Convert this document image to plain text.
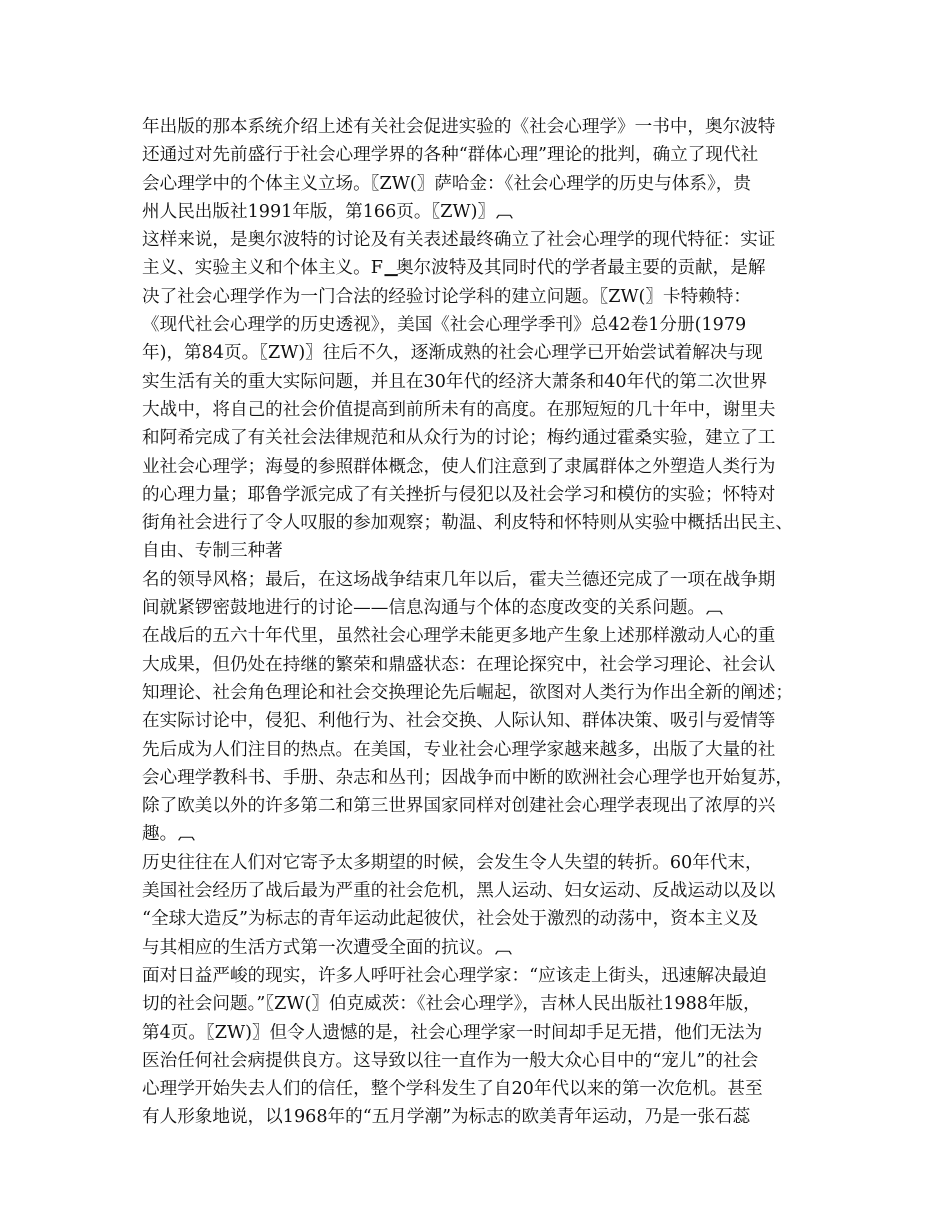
年出版的那本系统介绍上述有关社会促进实验的《社会心理学》一书中，奥尔波特
还通过对先前盛行于社会心理学界的各种“群体心理”理论的批判，确立了现代社
会心理学中的个体主义立场。〖ZW(〗萨哈金：《社会心理学的历史与体系》，贵
州人民出版社1991年版，第166页。〖ZW)〗︹
这样来说，是奥尔波特的讨论及有关表述最终确立了社会心理学的现代特征：实证
主义、实验主义和个体主义。F ▁奥尔波特及其同时代的学者最主要的贡献，是解
决了社会心理学作为一门合法的经验讨论学科的建立问题。〖ZW(〗卡特赖特：
《现代社会心理学的历史透视》，美国《社会心理学季刊》总42卷1分册(1979
年)，第84页。〖ZW)〗往后不久，逐渐成熟的社会心理学已开始尝试着解决与现
实生活有关的重大实际问题，并且在30年代的经济大萧条和40年代的第二次世界
大战中，将自己的社会价值提高到前所未有的高度。在那短短的几十年中，谢里夫
和阿希完成了有关社会法律规范和从众行为的讨论；梅约通过霍桑实验，建立了工
业社会心理学；海曼的参照群体概念，使人们注意到了隶属群体之外塑造人类行为
的心理力量；耶鲁学派完成了有关挫折与侵犯以及社会学习和模仿的实验；怀特对
街角社会进行了令人叹服的参加观察；勒温、利皮特和怀特则从实验中概括出民主、
自由、专制三种著
名的领导风格；最后，在这场战争结束几年以后，霍夫兰德还完成了一项在战争期
间就紧锣密鼓地进行的讨论——信息沟通与个体的态度改变的关系问题。︹
在战后的五六十年代里，虽然社会心理学未能更多地产生象上述那样激动人心的重
大成果，但仍处在持继的繁荣和鼎盛状态：在理论探究中，社会学习理论、社会认
知理论、社会角色理论和社会交换理论先后崛起，欲图对人类行为作出全新的阐述；
在实际讨论中，侵犯、利他行为、社会交换、人际认知、群体决策、吸引与爱情等
先后成为人们注目的热点。在美国，专业社会心理学家越来越多，出版了大量的社
会心理学教科书、手册、杂志和丛刊；因战争而中断的欧洲社会心理学也开始复苏，
除了欧美以外的许多第二和第三世界国家同样对创建社会心理学表现出了浓厚的兴
趣。︹
历史往往在人们对它寄予太多期望的时候，会发生令人失望的转折。60年代末，
美国社会经历了战后最为严重的社会危机，黑人运动、妇女运动、反战运动以及以
“全球大造反”为标志的青年运动此起彼伏，社会处于激烈的动荡中，资本主义及
与其相应的生活方式第一次遭受全面的抗议。︹
面对日益严峻的现实，许多人呼吁社会心理学家：“应该走上街头，迅速解决最迫
切的社会问题。”〖ZW(〗伯克威茨：《社会心理学》，吉林人民出版社1988年版，
第4页。〖ZW)〗但令人遗憾的是，社会心理学家一时间却手足无措，他们无法为
医治任何社会病提供良方。这导致以往一直作为一般大众心目中的“宠儿”的社会
心理学开始失去人们的信任，整个学科发生了自20年代以来的第一次危机。甚至
有人形象地说，以1968年的“五月学潮”为标志的欧美青年运动，乃是一张石蕊
